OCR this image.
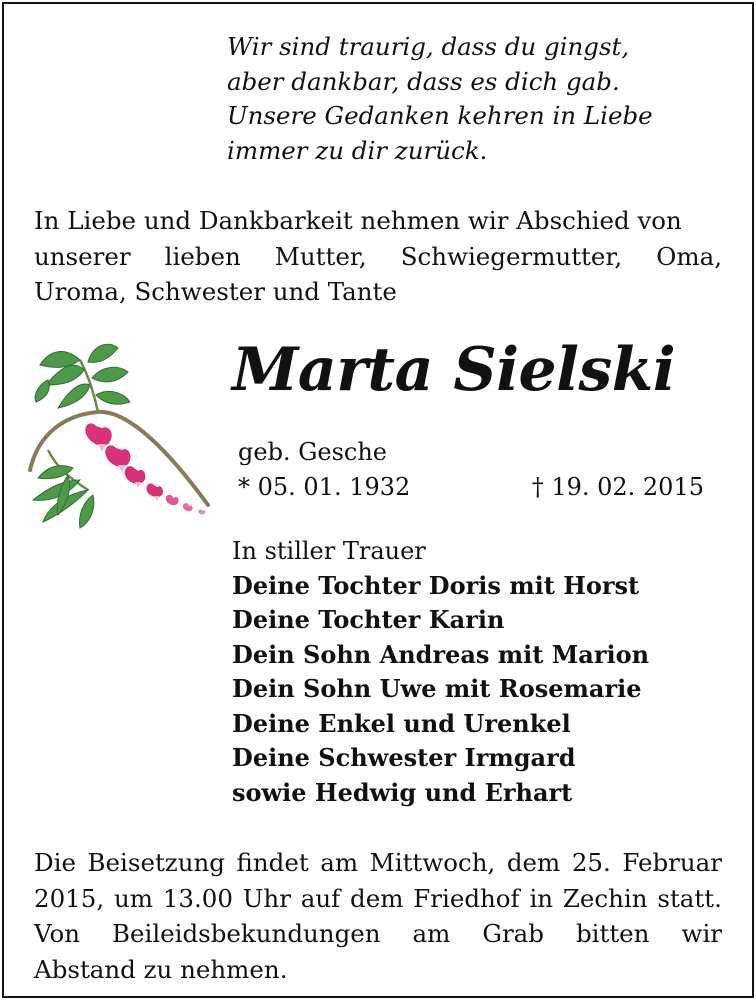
Wir sind traurig, dass du gingst,
aber dankbar, dass es dich gab.
Unsere Gedanken kehren in Liebe
immer zu dir zurück.
In Liebe und Dankbarkeit nehmen wir Abschied von
unserer lieben Mutter, Schwiegermutter, Oma,
Uroma, Schwester und Tante
Marta Sielski
geb. Gesche
* 05. 01. 1932	† 19. 02. 2015
In stiller Trauer
Deine Tochter Doris mit Horst
Deine Tochter Karin
Dein Sohn Andreas mit Marion
Dein Sohn Uwe mit Rosemarie
Deine Enkel und Urenkel
Deine Schwester Irmgard
sowie Hedwig und Erhart
Die Beisetzung findet am Mittwoch, dem 25. Februar
2015, um 13.00 Uhr auf dem Friedhof in Zechin statt.
Von Beileidsbekundungen am Grab bitten wir
Abstand zu nehmen.
